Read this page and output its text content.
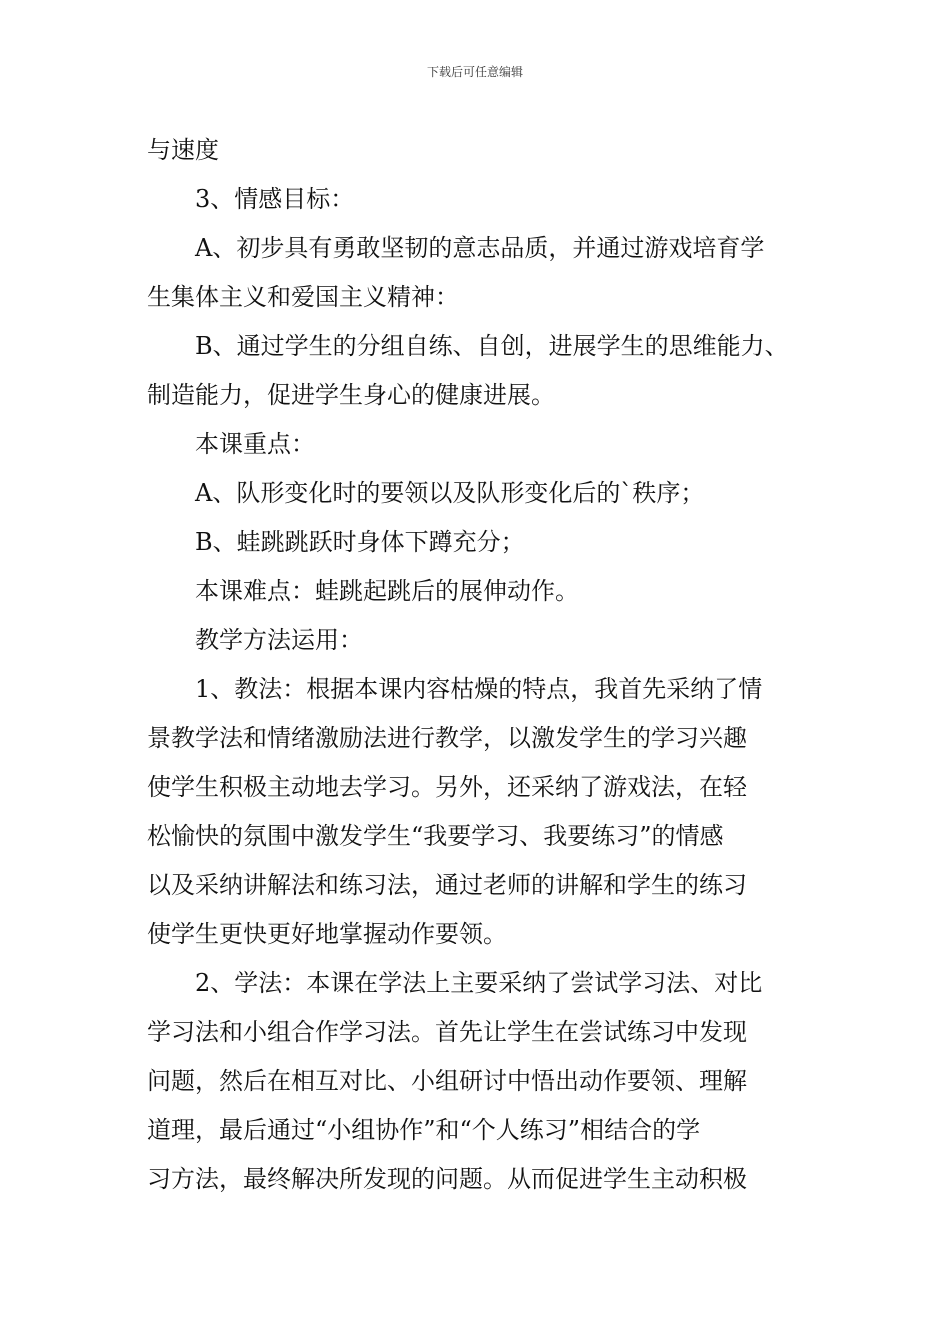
下载后可任意编辑
与速度
3、情感目标：
A、初步具有勇敢坚韧的意志品质，并通过游戏培育学
生集体主义和爱国主义精神：
B、通过学生的分组自练、自创，进展学生的思维能力、
制造能力，促进学生身心的健康进展。
本课重点：
A、队形变化时的要领以及队形变化后的`秩序；
B、蛙跳跳跃时身体下蹲充分；
本课难点：蛙跳起跳后的展伸动作。
教学方法运用：
1、教法：根据本课内容枯燥的特点，我首先采纳了情
景教学法和情绪激励法进行教学，以激发学生的学习兴趣
使学生积极主动地去学习。另外，还采纳了游戏法，在轻
松愉快的氛围中激发学生“我要学习、我要练习”的情感
以及采纳讲解法和练习法，通过老师的讲解和学生的练习
使学生更快更好地掌握动作要领。
2、学法：本课在学法上主要采纳了尝试学习法、对比
学习法和小组合作学习法。首先让学生在尝试练习中发现
问题，然后在相互对比、小组研讨中悟出动作要领、理解
道理，最后通过“小组协作”和“个人练习”相结合的学
习方法，最终解决所发现的问题。从而促进学生主动积极
